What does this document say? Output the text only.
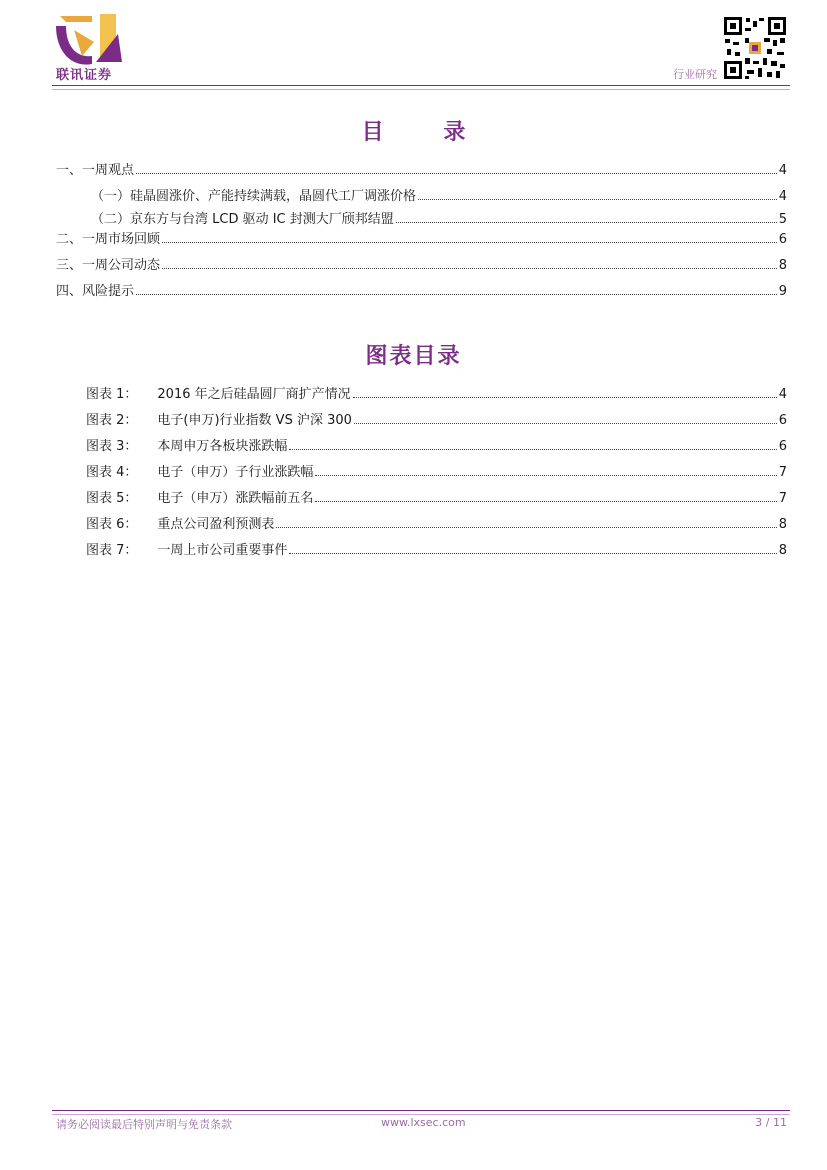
联讯证券	行业研究
目 录
一、一周观点	4
（一）硅晶圆涨价、产能持续满载，晶圆代工厂调涨价格	4
（二）京东方与台湾 LCD 驱动 IC 封测大厂颀邦结盟	5
二、一周市场回顾	6
三、一周公司动态	8
四、风险提示	9
图表目录
图表 1： 2016 年之后硅晶圆厂商扩产情况	4
图表 2： 电子(申万)行业指数 VS 沪深 300	6
图表 3： 本周申万各板块涨跌幅	6
图表 4： 电子（申万）子行业涨跌幅	7
图表 5： 电子（申万）涨跌幅前五名	7
图表 6： 重点公司盈利预测表	8
图表 7： 一周上市公司重要事件	8
请务必阅读最后特别声明与免责条款	www.lxsec.com	3 / 11
